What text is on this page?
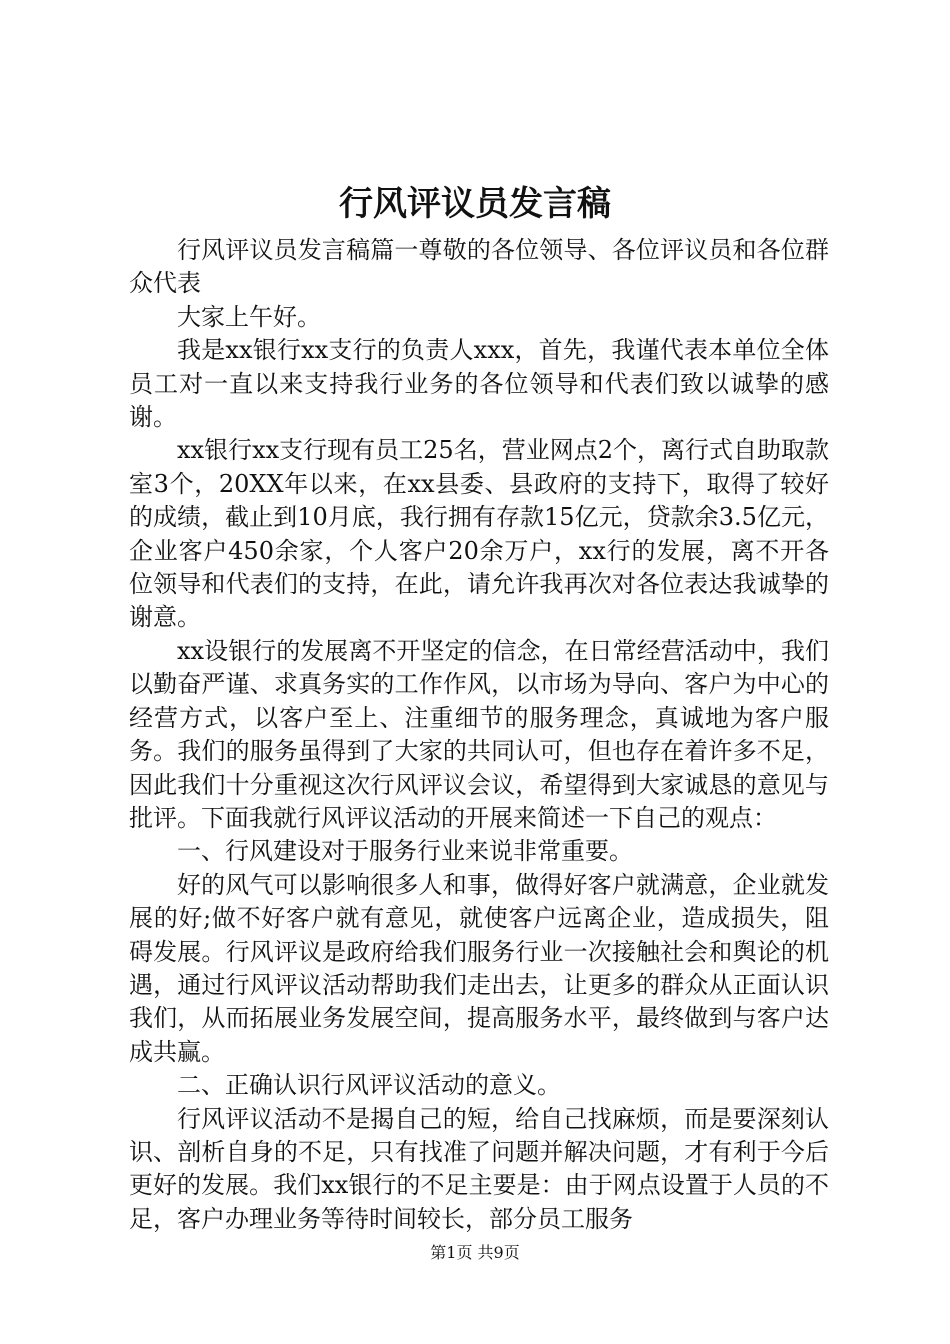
行风评议员发言稿

行风评议员发言稿篇一尊敬的各位领导、各位评议员和各位群众代表

大家上午好。

我是xx银行xx支行的负责人xxx，首先，我谨代表本单位全体员工对一直以来支持我行业务的各位领导和代表们致以诚挚的感谢。

xx银行xx支行现有员工25名，营业网点2个，离行式自助取款室3个，20XX年以来，在xx县委、县政府的支持下，取得了较好的成绩，截止到10月底，我行拥有存款15亿元，贷款余3.5亿元，企业客户450余家，个人客户20余万户，xx行的发展，离不开各位领导和代表们的支持，在此，请允许我再次对各位表达我诚挚的谢意。

xx设银行的发展离不开坚定的信念，在日常经营活动中，我们以勤奋严谨、求真务实的工作作风，以市场为导向、客户为中心的经营方式，以客户至上、注重细节的服务理念，真诚地为客户服务。我们的服务虽得到了大家的共同认可，但也存在着许多不足，因此我们十分重视这次行风评议会议，希望得到大家诚恳的意见与批评。下面我就行风评议活动的开展来简述一下自己的观点：

一、行风建设对于服务行业来说非常重要。

好的风气可以影响很多人和事，做得好客户就满意，企业就发展的好;做不好客户就有意见，就使客户远离企业，造成损失，阻碍发展。行风评议是政府给我们服务行业一次接触社会和舆论的机遇，通过行风评议活动帮助我们走出去，让更多的群众从正面认识我们，从而拓展业务发展空间，提高服务水平，最终做到与客户达成共赢。

二、正确认识行风评议活动的意义。

行风评议活动不是揭自己的短，给自己找麻烦，而是要深刻认识、剖析自身的不足，只有找准了问题并解决问题，才有利于今后更好的发展。我们xx银行的不足主要是：由于网点设置于人员的不足，客户办理业务等待时间较长，部分员工服务

第1页 共9页
